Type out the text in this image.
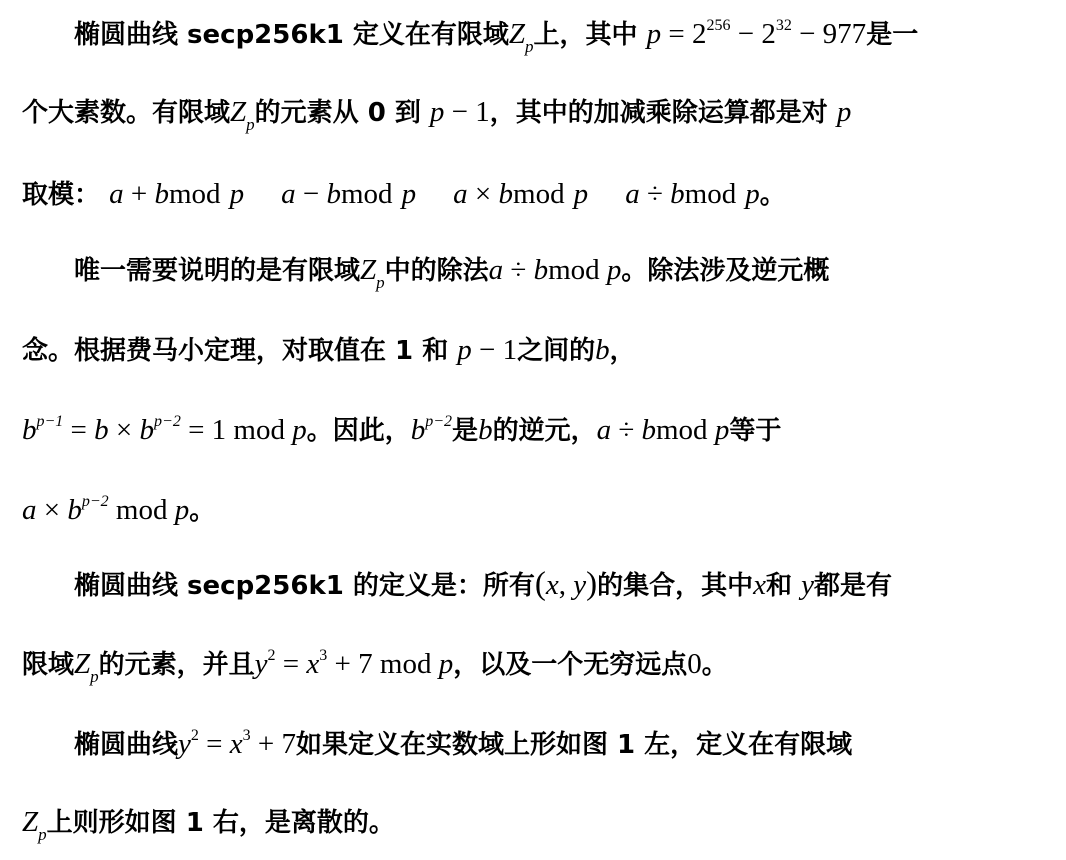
椭圆曲线 secp256k1 定义在有限域$Z_p$上，其中 $p = 2^{256} - 2^{32} - 977$是一
个大素数。有限域$Z_p$的元素从 0 到 p − 1，其中的加减乘除运算都是对 p
取模： a + bmod p a − bmod p a × bmod p a ÷ bmod p。
唯一需要说明的是有限域$Z_p$中的除法a ÷ bmod p。除法涉及逆元概
念。根据费马小定理，对取值在 1 和 p − 1之间的b，
$b^{p-1} = b \times b^{p-2} = 1$ mod p。因此，$b^{p-2}$是b的逆元，a ÷ bmod p等于
$a \times b^{p-2}$ mod p。
椭圆曲线 secp256k1 的定义是：所有(x, y)的集合，其中x和 y都是有
限域$Z_p$的元素，并且$y^2 = x^3 + 7$ mod p，以及一个无穷远点0。
椭圆曲线$y^2 = x^3 + 7$如果定义在实数域上形如图 1 左，定义在有限域
$Z_p$上则形如图 1 右，是离散的。
